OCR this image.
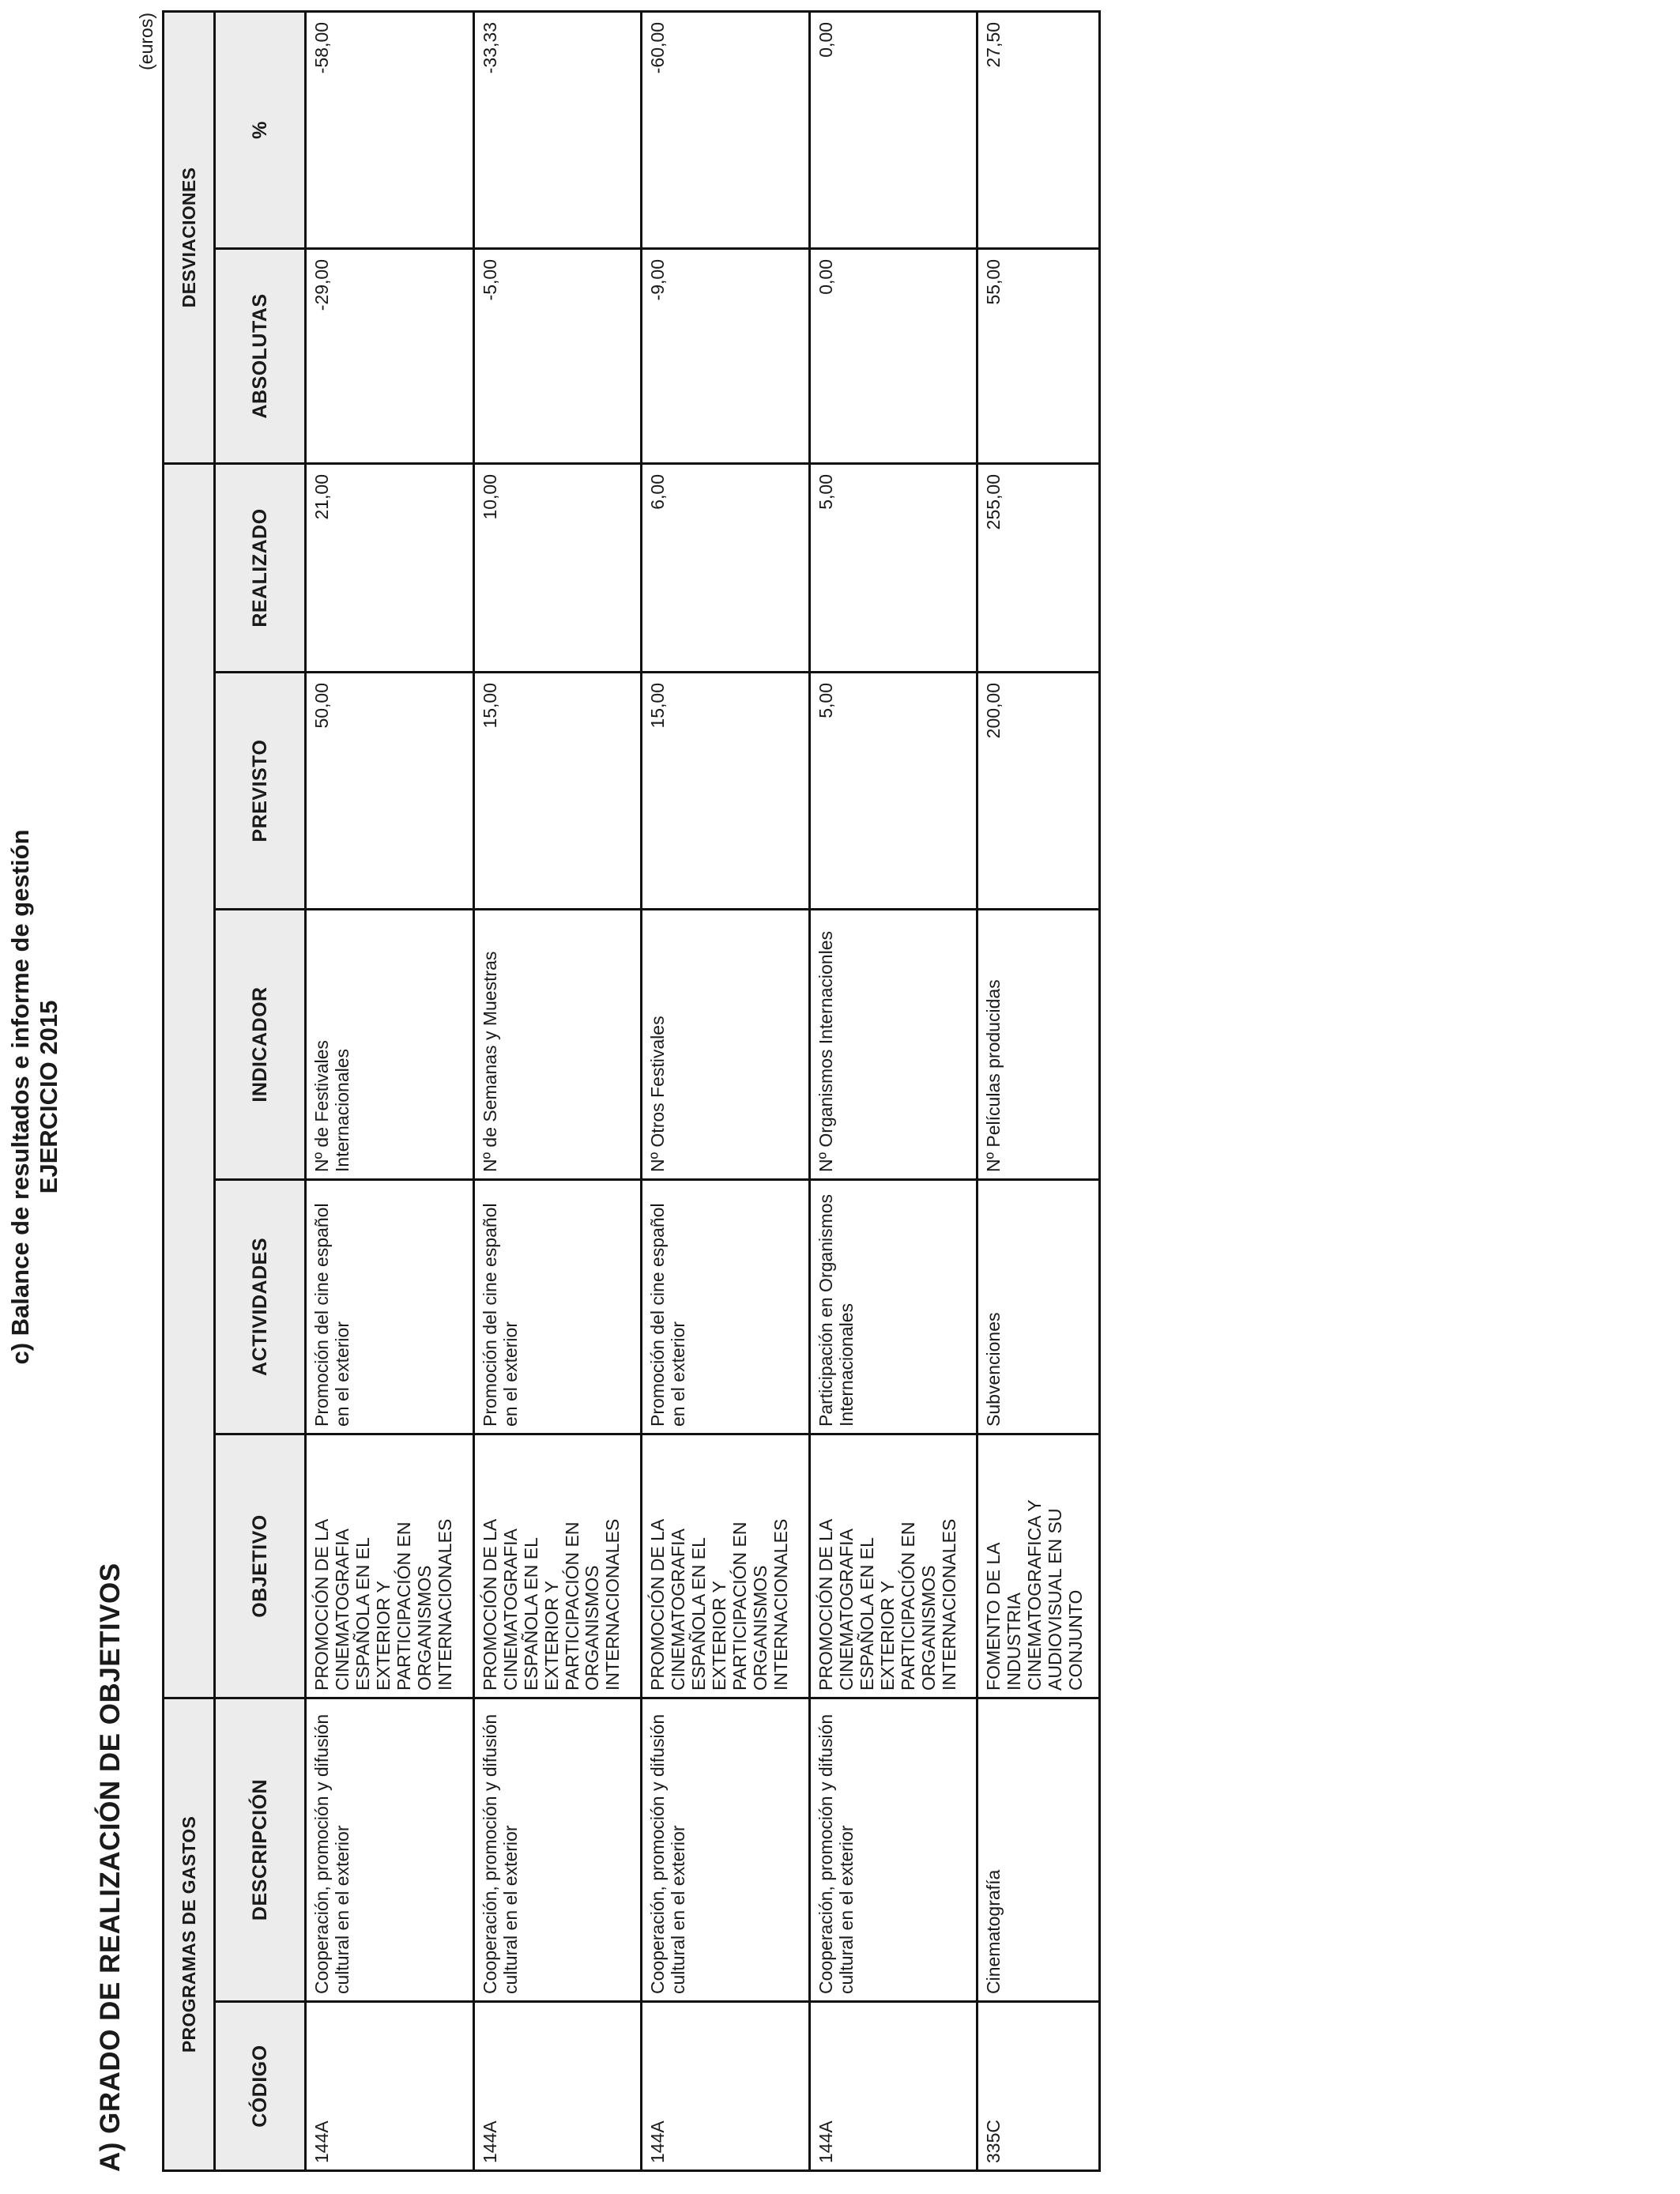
c) Balance de resultados e informe de gestión EJERCICIO 2015
A) GRADO DE REALIZACIÓN DE OBJETIVOS
(euros)
PROGRAMAS DE GASTOS							DESVIACIONES	
CÓDIGO	DESCRIPCIÓN	OBJETIVO	ACTIVIDADES	INDICADOR	PREVISTO	REALIZADO	ABSOLUTAS	%
144A	Cooperación, promoción y difusión cultural en el exterior	PROMOCIÓN DE LA CINEMATOGRAFIA ESPAÑOLA EN EL EXTERIOR Y PARTICIPACIÓN EN ORGANISMOS INTERNACIONALES	Promoción del cine español en el exterior	Nº de Festivales Internacionales	50,00	21,00	-29,00	-58,00
144A	Cooperación, promoción y difusión cultural en el exterior	PROMOCIÓN DE LA CINEMATOGRAFIA ESPAÑOLA EN EL EXTERIOR Y PARTICIPACIÓN EN ORGANISMOS INTERNACIONALES	Promoción del cine español en el exterior	Nº de Semanas y Muestras	15,00	10,00	-5,00	-33,33
144A	Cooperación, promoción y difusión cultural en el exterior	PROMOCIÓN DE LA CINEMATOGRAFIA ESPAÑOLA EN EL EXTERIOR Y PARTICIPACIÓN EN ORGANISMOS INTERNACIONALES	Promoción del cine español en el exterior	Nº Otros Festivales	15,00	6,00	-9,00	-60,00
144A	Cooperación, promoción y difusión cultural en el exterior	PROMOCIÓN DE LA CINEMATOGRAFIA ESPAÑOLA EN EL EXTERIOR Y PARTICIPACIÓN EN ORGANISMOS INTERNACIONALES	Participación en Organismos Internacionales	Nº Organismos Internacionles	5,00	5,00	0,00	0,00
335C	Cinematografía	FOMENTO DE LA INDUSTRIA CINEMATOGRAFICA Y AUDIOVISUAL EN SU CONJUNTO	Subvenciones	Nº Películas producidas	200,00	255,00	55,00	27,50
